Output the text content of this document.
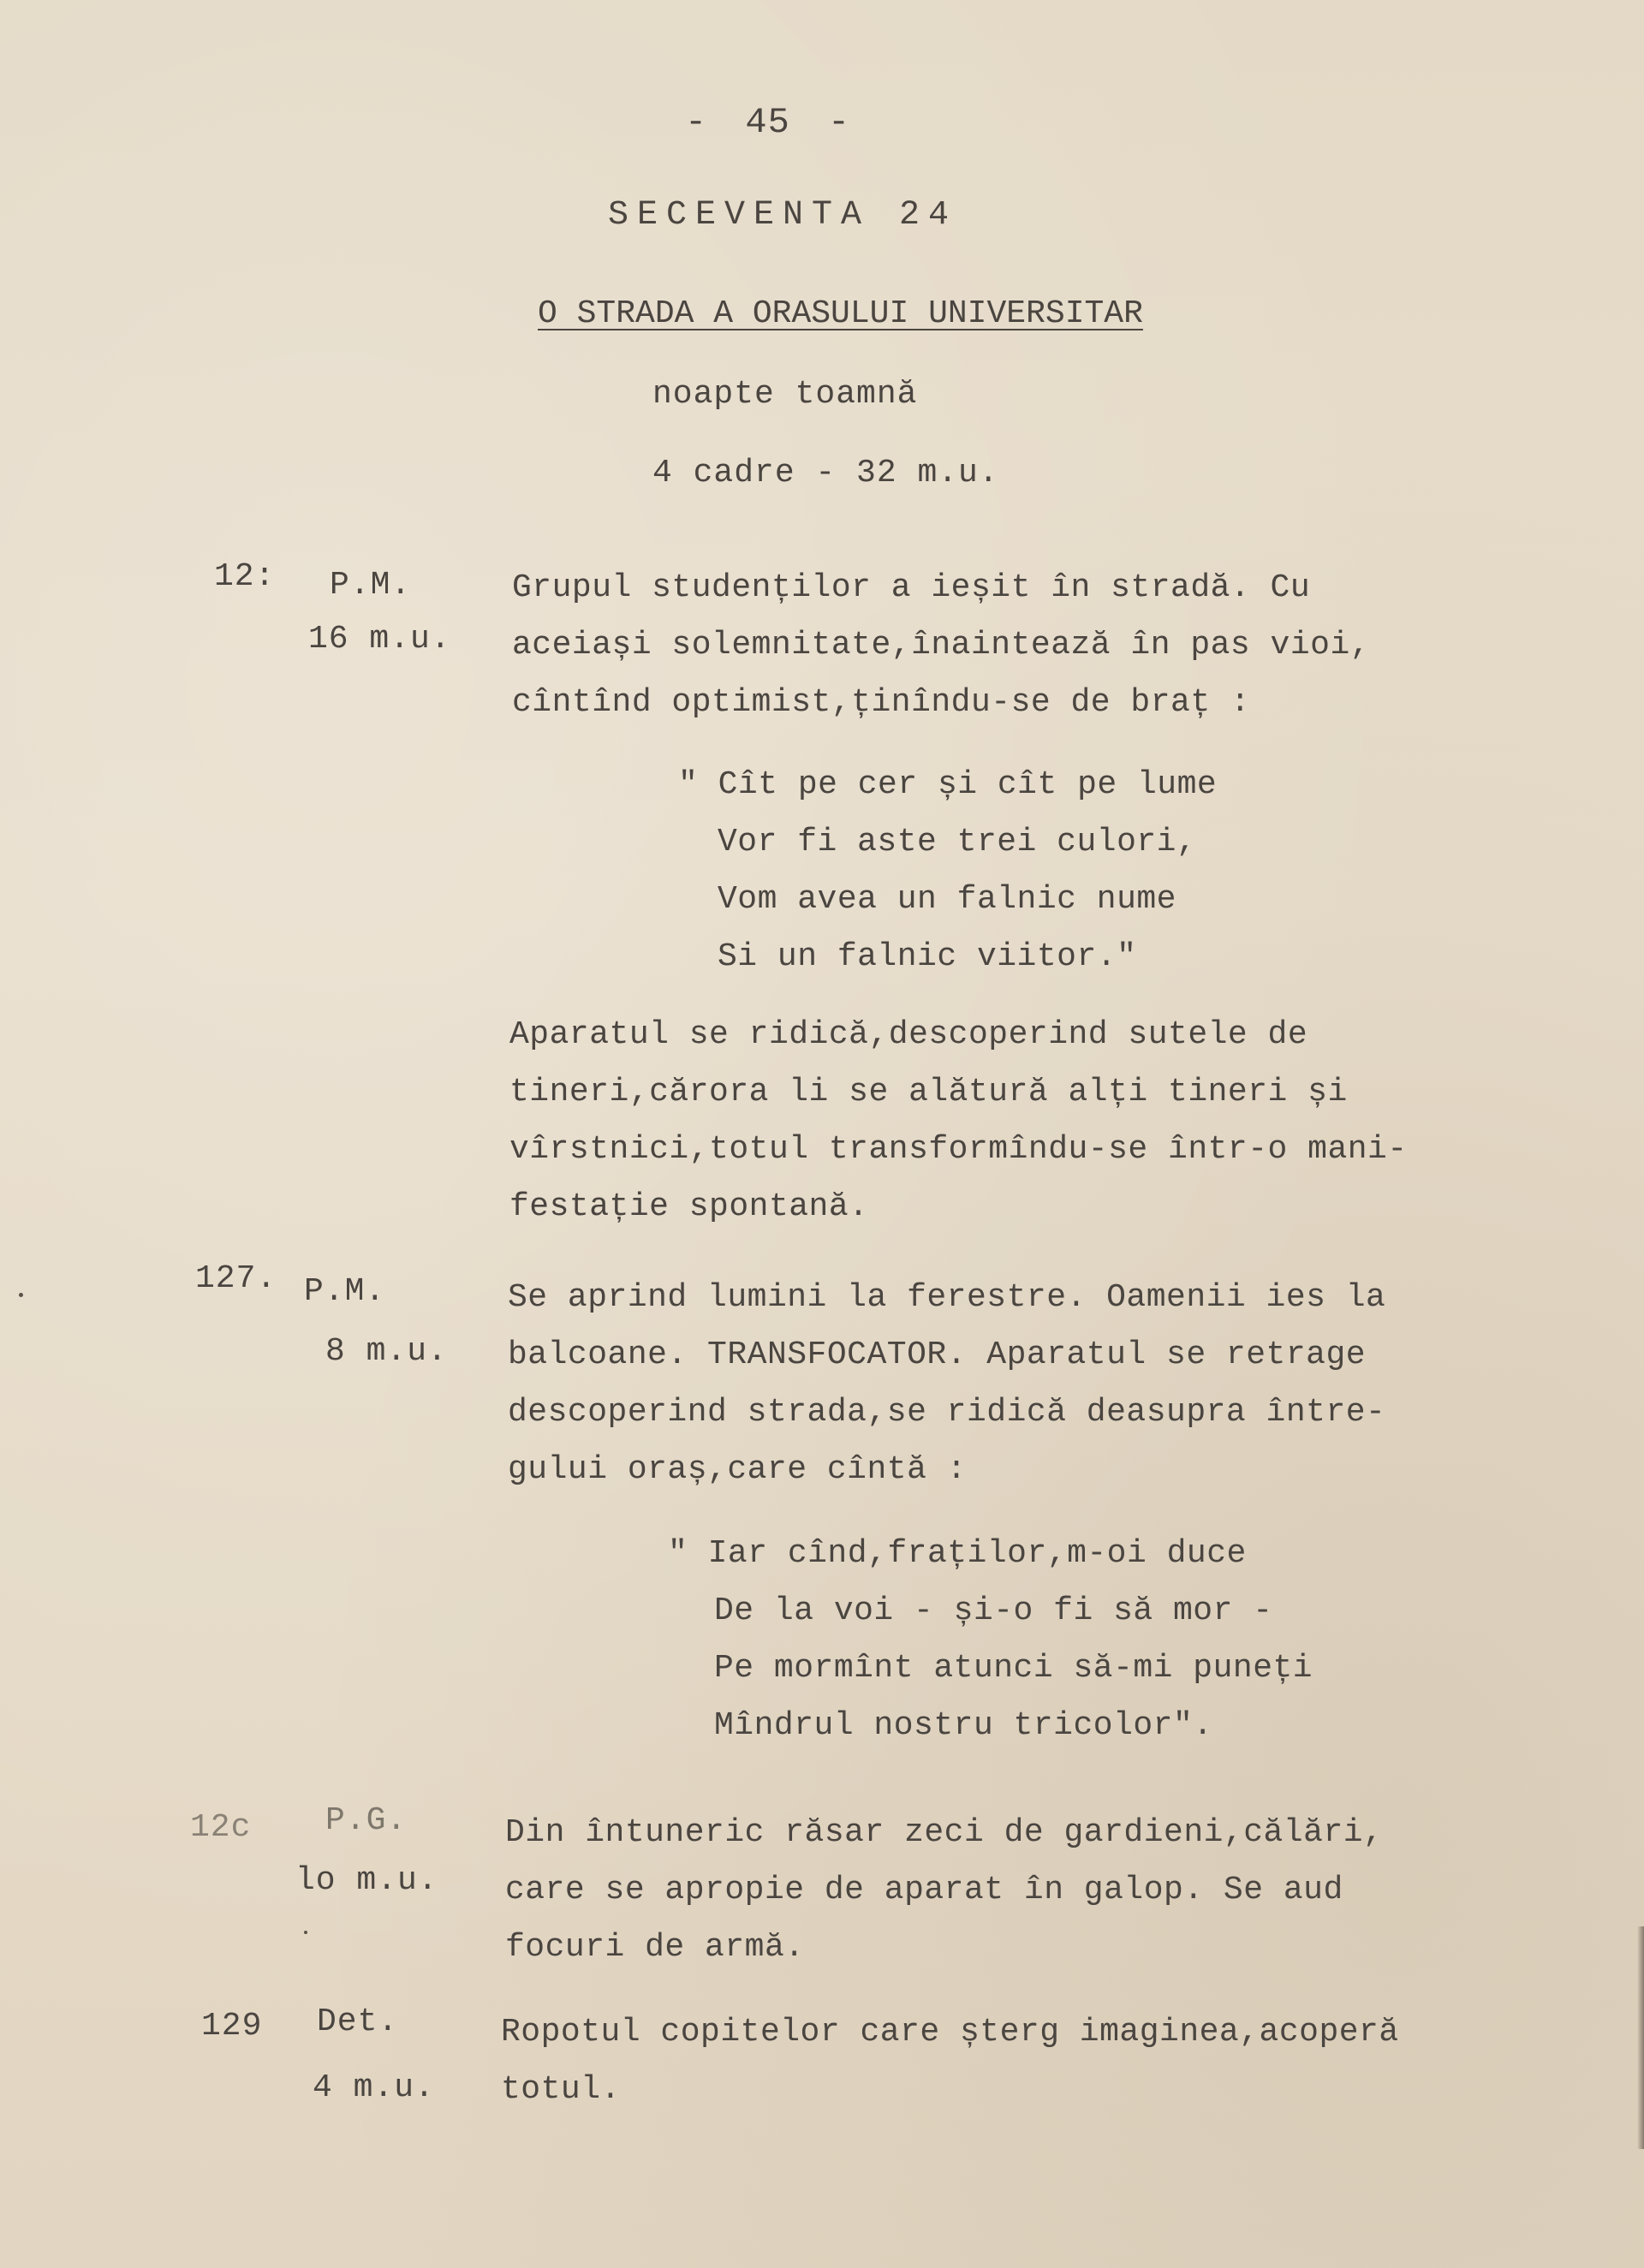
- 45 -
SECEVENTA 24
O STRADA A ORASULUI UNIVERSITAR
noapte toamnă
4 cadre - 32 m.u.
12: P.M.
16 m.u.
Grupul studenților a ieșit în stradă. Cu
aceiași solemnitate,înaintează în pas vioi,
cîntînd optimist,ținîndu-se de braț :
" Cît pe cer și cît pe lume
Vor fi aste trei culori,
Vom avea un falnic nume
Si un falnic viitor."
Aparatul se ridică,descoperind sutele de
tineri,cărora li se alătură alți tineri și
vîrstnici,totul transformîndu-se într-o mani-
festație spontană.
127. P.M.
8 m.u.
Se aprind lumini la ferestre. Oamenii ies la
balcoane. TRANSFOCATOR. Aparatul se retrage
descoperind strada,se ridică deasupra între-
gului oraș,care cîntă :
" Iar cînd,fraților,m-oi duce
De la voi - și-o fi să mor -
Pe mormînt atunci să-mi puneți
Mîndrul nostru tricolor".
12c P.G.
lo m.u.
Din întuneric răsar zeci de gardieni,călări,
care se apropie de aparat în galop. Se aud
focuri de armă.
129 Det.
4 m.u.
Ropotul copitelor care șterg imaginea,acoperă
totul.
